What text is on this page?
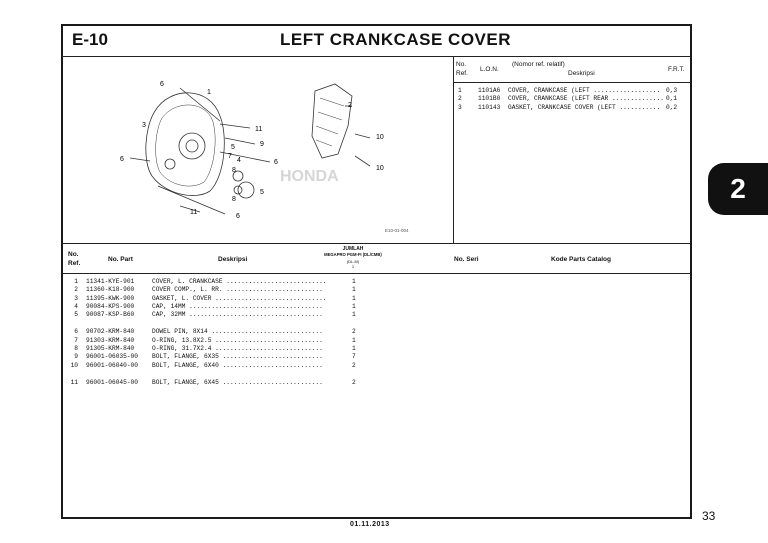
E-10	LEFT CRANKCASE COVER
6
1
2
3
11
10
9
5
7
4
8
6
10
6
5
8
11
6
HONDA
E10-01-004
No.
Ref.
L.O.N.
(Nomor ref. relatif)
Deskripsi
F.R.T.
1	1101A6 COVER, CRANKCASE (LEFT .................. 0,3
2	1101B0 COVER, CRANKCASE (LEFT REAR .............. 0,1
3	110143 GASKET, CRANKCASE COVER (LEFT ........... 0,2
No.
Ref.
No. Part	Deskripsi
JUMLAH
MEGAPRO PGM-FI (DL/CMB)
(DL-M)
1
No. Seri	Kode Parts Catalog
1 11341-KYE-901	COVER, L. CRANKCASE ...........................	1
2 11360-K18-900	COVER COMP., L. RR. ..........................	1
3 11395-KWK-900	GASKET, L. COVER ..............................	1
4 90084-KPS-900	CAP, 14MM ....................................	1
5 90087-KSP-B60	CAP, 32MM ....................................	1
6 90702-KRM-840	DOWEL PIN, 8X14 ..............................	2
7 91303-KRM-840	O-RING, 13.8X2.5 .............................	1
8 91305-KRM-840	O-RING, 31.7X2.4 .............................	1
9 96001-06035-00 BOLT, FLANGE, 6X35 ...........................	7
10 96001-06040-00 BOLT, FLANGE, 6X40 ...........................	2
11 96001-06045-00 BOLT, FLANGE, 6X45 ...........................	2
01.11.2013
33
2
